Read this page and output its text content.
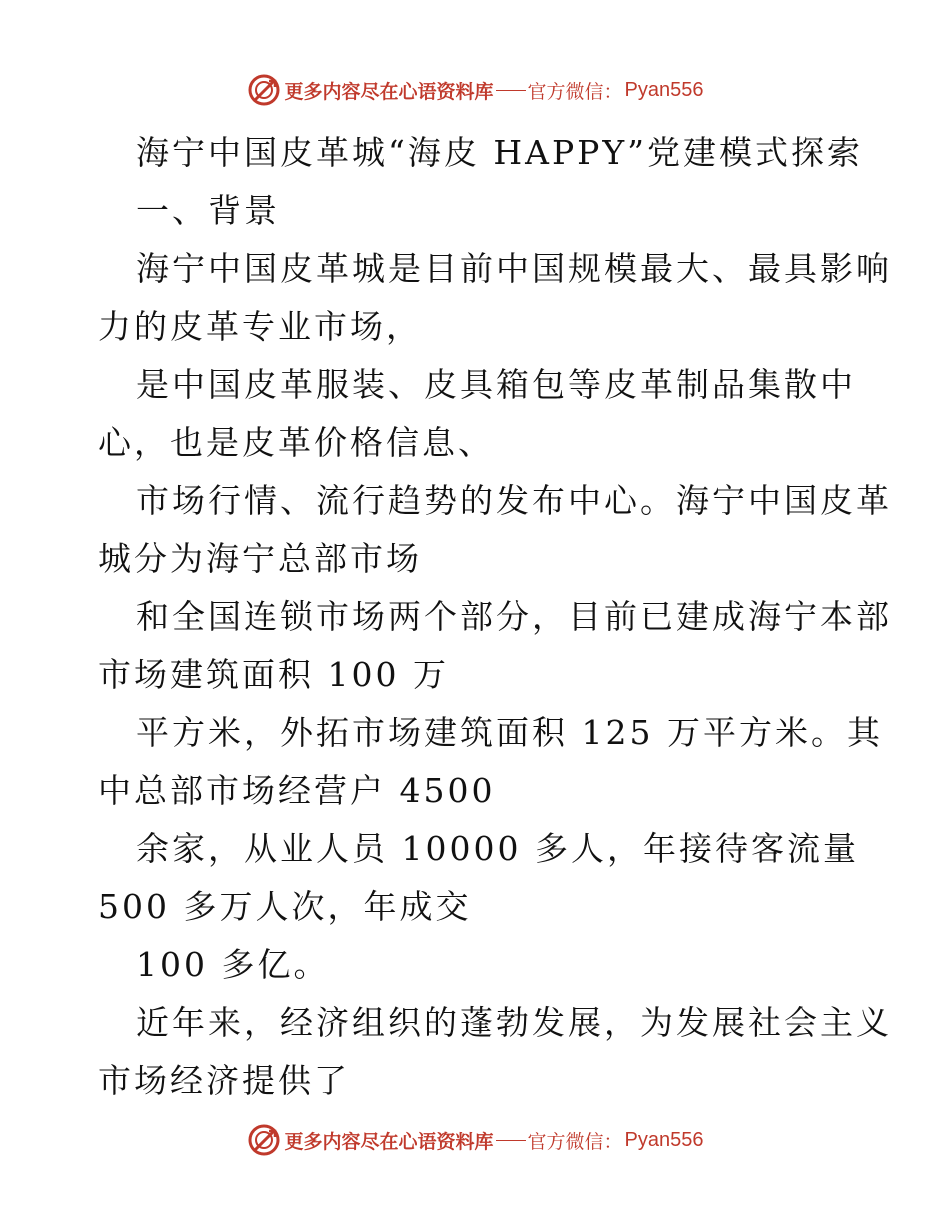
更多内容尽在心语资料库 官方微信： Pyan556
海宁中国皮革城“海皮 HAPPY”党建模式探索
一、背景
海宁中国皮革城是目前中国规模最大、最具影响
力的皮革专业市场，
是中国皮革服装、皮具箱包等皮革制品集散中
心，也是皮革价格信息、
市场行情、流行趋势的发布中心。海宁中国皮革
城分为海宁总部市场
和全国连锁市场两个部分，目前已建成海宁本部
市场建筑面积 100 万
平方米，外拓市场建筑面积 125 万平方米。其
中总部市场经营户 4500
余家，从业人员 10000 多人，年接待客流量
500 多万人次，年成交
100 多亿。
近年来，经济组织的蓬勃发展，为发展社会主义
市场经济提供了
更多内容尽在心语资料库 官方微信： Pyan556
